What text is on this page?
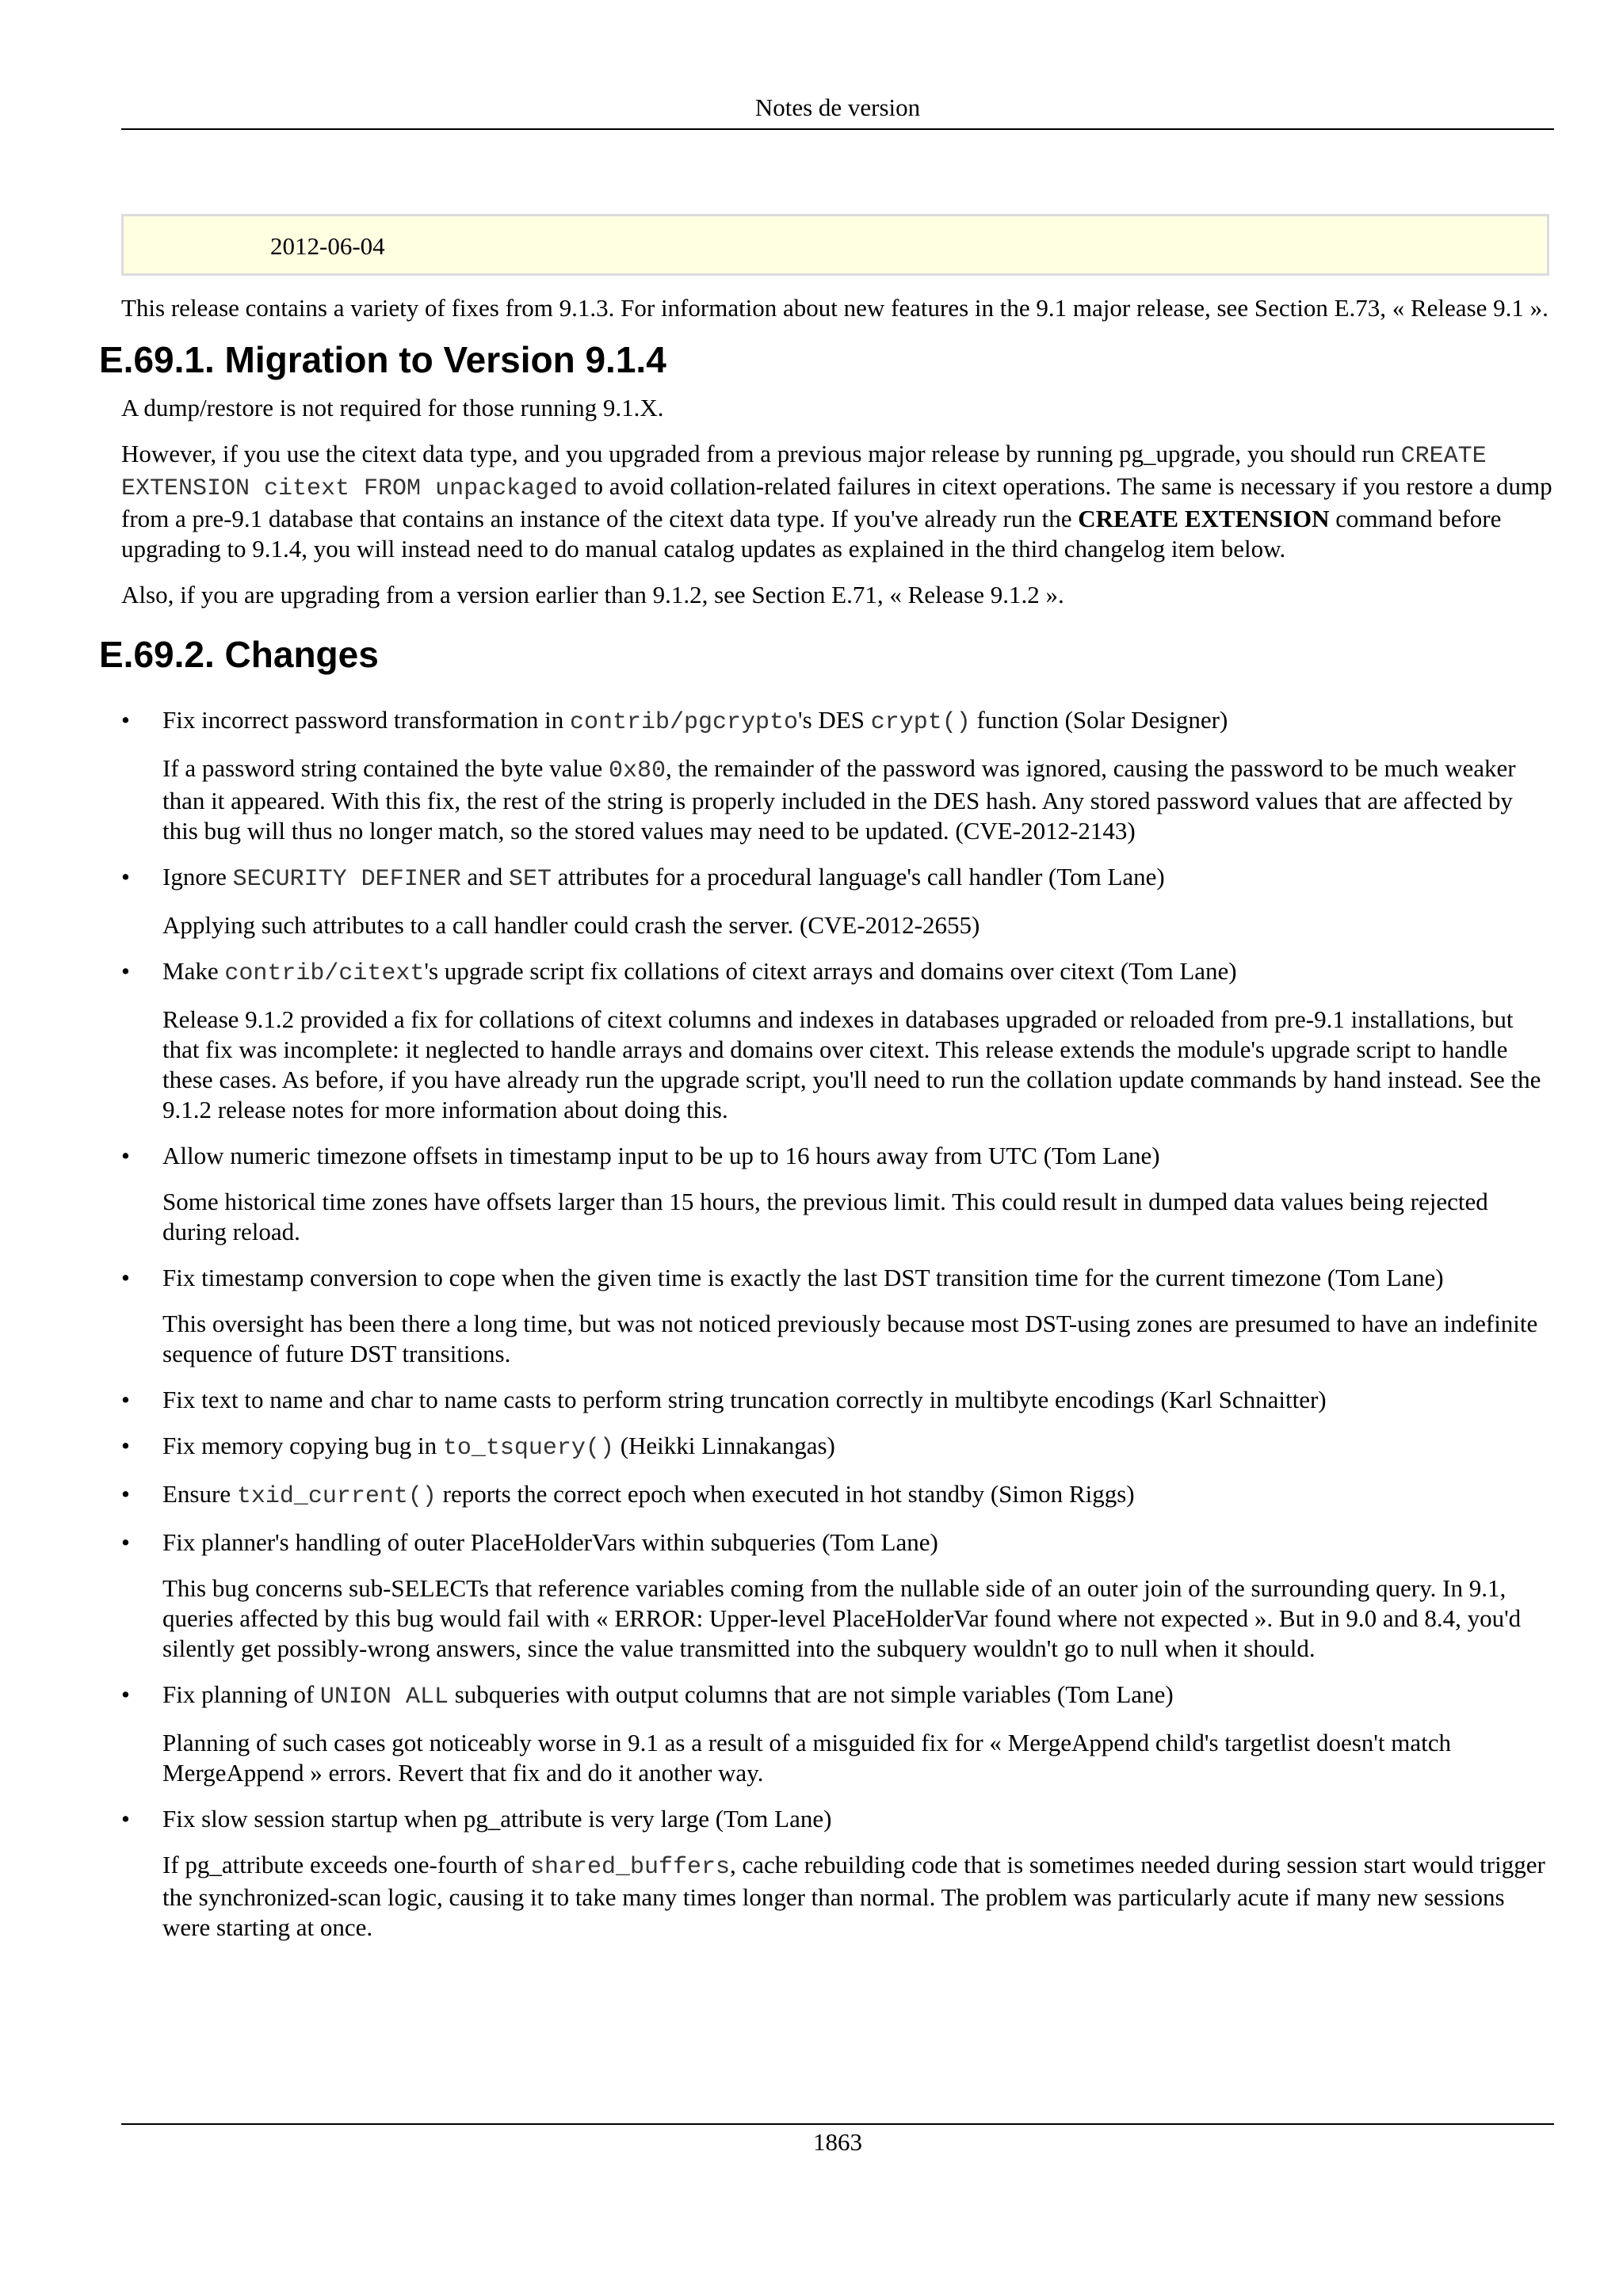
Notes de version
2012-06-04

This release contains a variety of fixes from 9.1.3. For information about new features in the 9.1 major release, see Section E.73, « Release 9.1 ».

E.69.1. Migration to Version 9.1.4

A dump/restore is not required for those running 9.1.X.

However, if you use the citext data type, and you upgraded from a previous major release by running pg_upgrade, you should run CREATE EXTENSION citext FROM unpackaged to avoid collation-related failures in citext operations. The same is necessary if you restore a dump from a pre-9.1 database that contains an instance of the citext data type. If you've already run the CREATE EXTENSION command before upgrading to 9.1.4, you will instead need to do manual catalog updates as explained in the third changelog item below.

Also, if you are upgrading from a version earlier than 9.1.2, see Section E.71, « Release 9.1.2 ».

E.69.2. Changes
• Fix incorrect password transformation in contrib/pgcrypto's DES crypt() function (Solar Designer)
If a password string contained the byte value 0x80, the remainder of the password was ignored, causing the password to be much weaker than it appeared. With this fix, the rest of the string is properly included in the DES hash. Any stored password values that are affected by this bug will thus no longer match, so the stored values may need to be updated. (CVE-2012-2143)
• Ignore SECURITY DEFINER and SET attributes for a procedural language's call handler (Tom Lane)
Applying such attributes to a call handler could crash the server. (CVE-2012-2655)
• Make contrib/citext's upgrade script fix collations of citext arrays and domains over citext (Tom Lane)
Release 9.1.2 provided a fix for collations of citext columns and indexes in databases upgraded or reloaded from pre-9.1 installations, but that fix was incomplete: it neglected to handle arrays and domains over citext. This release extends the module's upgrade script to handle these cases. As before, if you have already run the upgrade script, you'll need to run the collation update commands by hand instead. See the 9.1.2 release notes for more information about doing this.
• Allow numeric timezone offsets in timestamp input to be up to 16 hours away from UTC (Tom Lane)
Some historical time zones have offsets larger than 15 hours, the previous limit. This could result in dumped data values being rejected during reload.
• Fix timestamp conversion to cope when the given time is exactly the last DST transition time for the current timezone (Tom Lane)
This oversight has been there a long time, but was not noticed previously because most DST-using zones are presumed to have an indefinite sequence of future DST transitions.
• Fix text to name and char to name casts to perform string truncation correctly in multibyte encodings (Karl Schnaitter)
• Fix memory copying bug in to_tsquery() (Heikki Linnakangas)
• Ensure txid_current() reports the correct epoch when executed in hot standby (Simon Riggs)
• Fix planner's handling of outer PlaceHolderVars within subqueries (Tom Lane)
This bug concerns sub-SELECTs that reference variables coming from the nullable side of an outer join of the surrounding query. In 9.1, queries affected by this bug would fail with « ERROR: Upper-level PlaceHolderVar found where not expected ». But in 9.0 and 8.4, you'd silently get possibly-wrong answers, since the value transmitted into the subquery wouldn't go to null when it should.
• Fix planning of UNION ALL subqueries with output columns that are not simple variables (Tom Lane)
Planning of such cases got noticeably worse in 9.1 as a result of a misguided fix for « MergeAppend child's targetlist doesn't match MergeAppend » errors. Revert that fix and do it another way.
• Fix slow session startup when pg_attribute is very large (Tom Lane)
If pg_attribute exceeds one-fourth of shared_buffers, cache rebuilding code that is sometimes needed during session start would trigger the synchronized-scan logic, causing it to take many times longer than normal. The problem was particularly acute if many new sessions were starting at once.
1863
